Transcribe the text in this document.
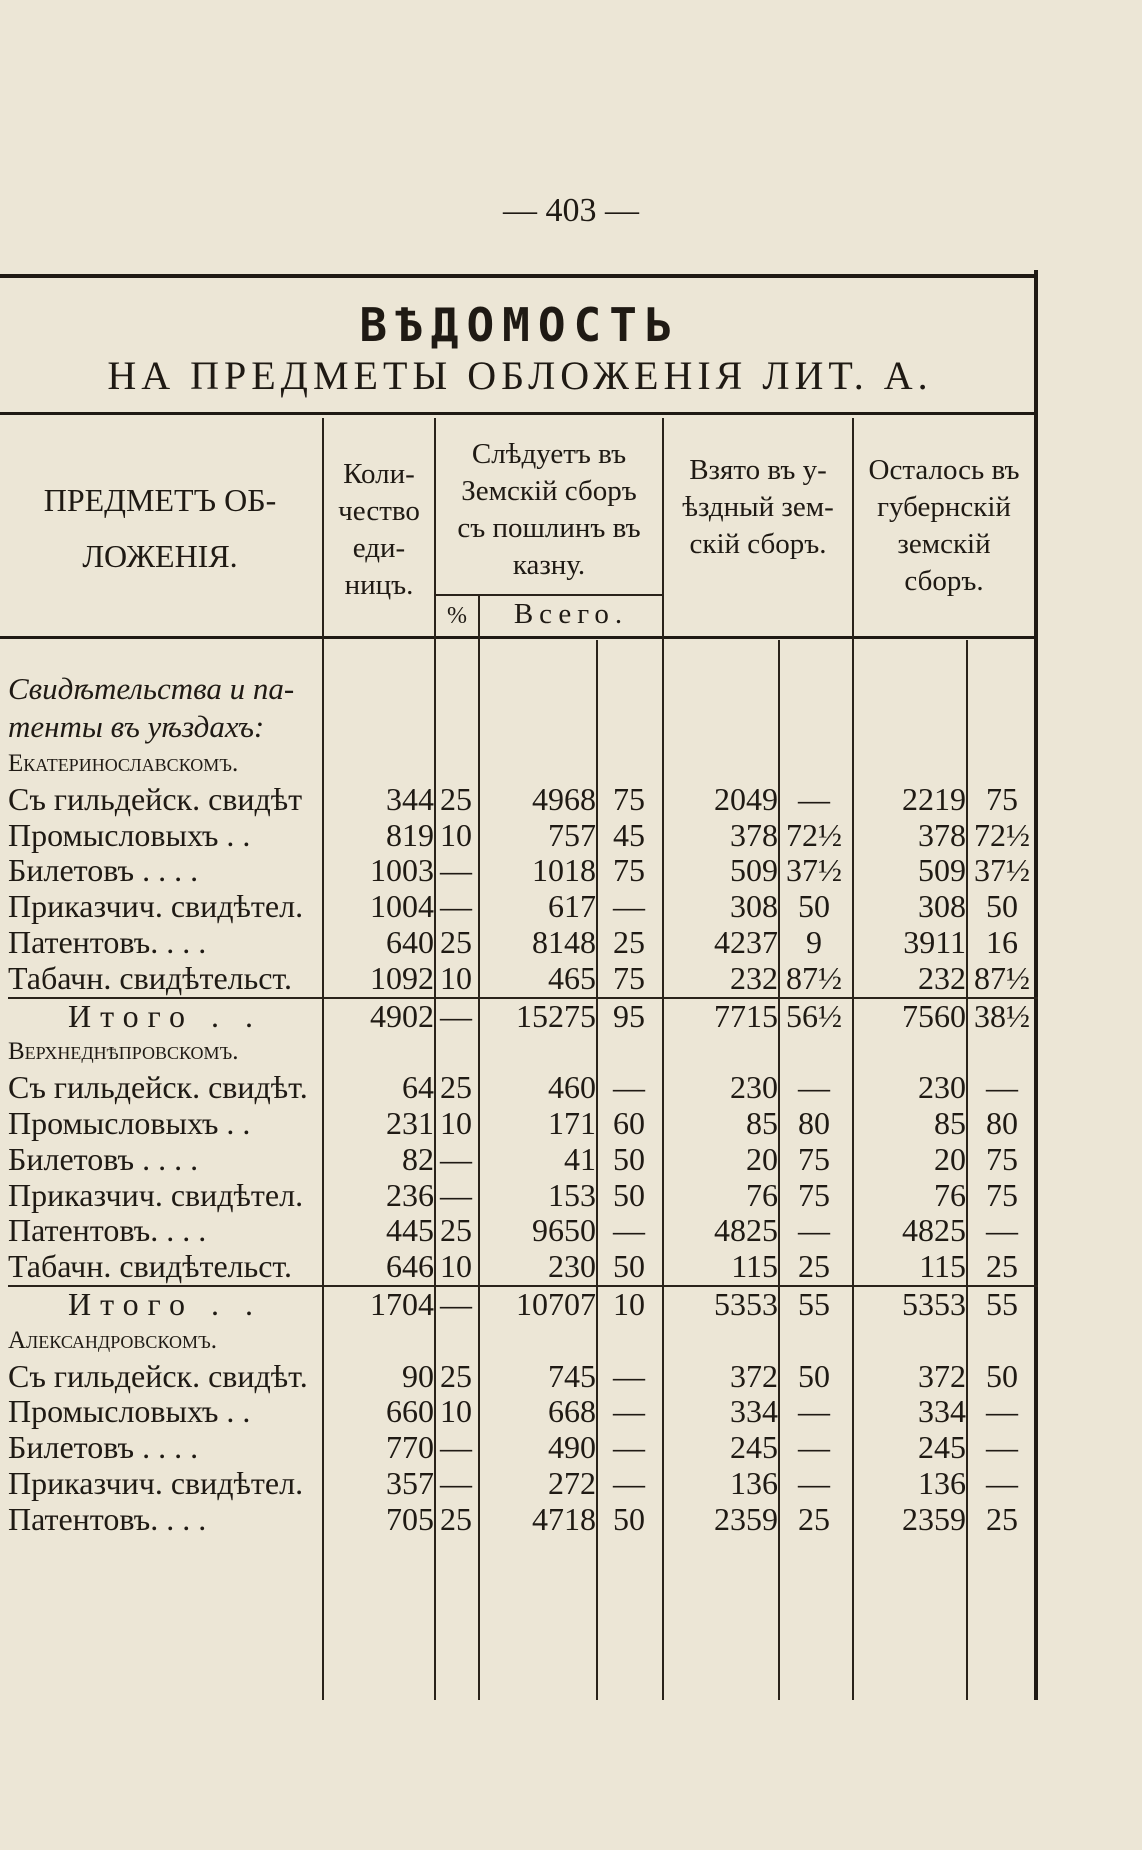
— 403 —
ВѢДОМОСТЬ
НА ПРЕДМЕТЫ ОБЛОЖЕНІЯ ЛИТ. А.
ПРЕДМЕТЪ ОБ-
ЛОЖЕНІЯ.
Коли-
чество
еди-
ницъ.
Слѣдуетъ въ
Земскій сборъ
съ пошлинъ въ
казну.
%	Всего.
Взято въ у-
ѣздный зем-
скій сборъ.
Осталось въ
губернскій
земскій
сборъ.
Свидѣтельства и па-								
тенты въ уѣздахъ:								
Екатеринославскомъ.								
Съ гильдейск. свидѣт	344	25	4968	75	2049	—	2219	75
Промысловыхъ . .	819	10	757	45	378	72½	378	72½
Билетовъ . . . .	1003	—	1018	75	509	37½	509	37½
Приказчич. свидѣтел.	1004	—	617	—	308	50	308	50
Патентовъ. . . .	640	25	8148	25	4237	9	3911	16
Табачн. свидѣтельст.	1092	10	465	75	232	87½	232	87½
Итого . .	4902	—	15275	95	7715	56½	7560	38½
Верхнеднѣпровскомъ.								
Съ гильдейск. свидѣт.	64	25	460	—	230	—	230	—
Промысловыхъ . .	231	10	171	60	85	80	85	80
Билетовъ . . . .	82	—	41	50	20	75	20	75
Приказчич. свидѣтел.	236	—	153	50	76	75	76	75
Патентовъ. . . .	445	25	9650	—	4825	—	4825	—
Табачн. свидѣтельст.	646	10	230	50	115	25	115	25
Итого . .	1704	—	10707	10	5353	55	5353	55
Александровскомъ.								
Съ гильдейск. свидѣт.	90	25	745	—	372	50	372	50
Промысловыхъ . .	660	10	668	—	334	—	334	—
Билетовъ . . . .	770	—	490	—	245	—	245	—
Приказчич. свидѣтел.	357	—	272	—	136	—	136	—
Патентовъ. . . .	705	25	4718	50	2359	25	2359	25
